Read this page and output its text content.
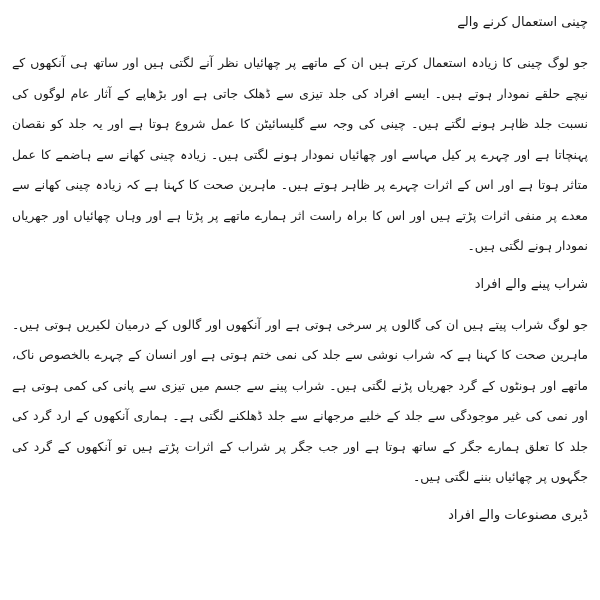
چینی استعمال کرنے والے

جو لوگ چینی کا زیادہ استعمال کرتے ہیں ان کے ماتھے پر چھائیاں نظر آنے لگتی ہیں اور ساتھ ہی آنکھوں کے نیچے حلقے نمودار ہوتے ہیں۔ ایسے افراد کی جلد تیزی سے ڈھلک جاتی ہے اور بڑھاپے کے آثار عام لوگوں کی نسبت جلد ظاہر ہونے لگتے ہیں۔ چینی کی وجہ سے گلیسائیٹن کا عمل شروع ہوتا ہے اور یہ جلد کو نقصان پہنچاتا ہے اور چہرے پر کیل مہاسے اور چھائیاں نمودار ہونے لگتی ہیں۔ زیادہ چینی کھانے سے ہاضمے کا عمل متاثر ہوتا ہے اور اس کے اثرات چہرے پر ظاہر ہوتے ہیں۔ ماہرین صحت کا کہنا ہے کہ زیادہ چینی کھانے سے معدے پر منفی اثرات پڑتے ہیں اور اس کا براہ راست اثر ہمارے ماتھے پر پڑتا ہے اور وہاں چھائیاں اور جھریاں نمودار ہونے لگتی ہیں۔

شراب پینے والے افراد

جو لوگ شراب پیتے ہیں ان کی گالوں پر سرخی ہوتی ہے اور آنکھوں اور گالوں کے درمیان لکیریں ہوتی ہیں۔ ماہرین صحت کا کہنا ہے کہ شراب نوشی سے جلد کی نمی ختم ہوتی ہے اور انسان کے چہرے بالخصوص ناک، ماتھے اور ہونٹوں کے گرد جھریاں پڑنے لگتی ہیں۔ شراب پینے سے جسم میں تیزی سے پانی کی کمی ہوتی ہے اور نمی کی غیر موجودگی سے جلد کے خلیے مرجھانے سے جلد ڈھلکنے لگتی ہے۔ ہماری آنکھوں کے ارد گرد کی جلد کا تعلق ہمارے جگر کے ساتھ ہوتا ہے اور جب جگر پر شراب کے اثرات پڑتے ہیں تو آنکھوں کے گرد کی جگہوں پر چھائیاں بننے لگتی ہیں۔

ڈیری مصنوعات والے افراد
